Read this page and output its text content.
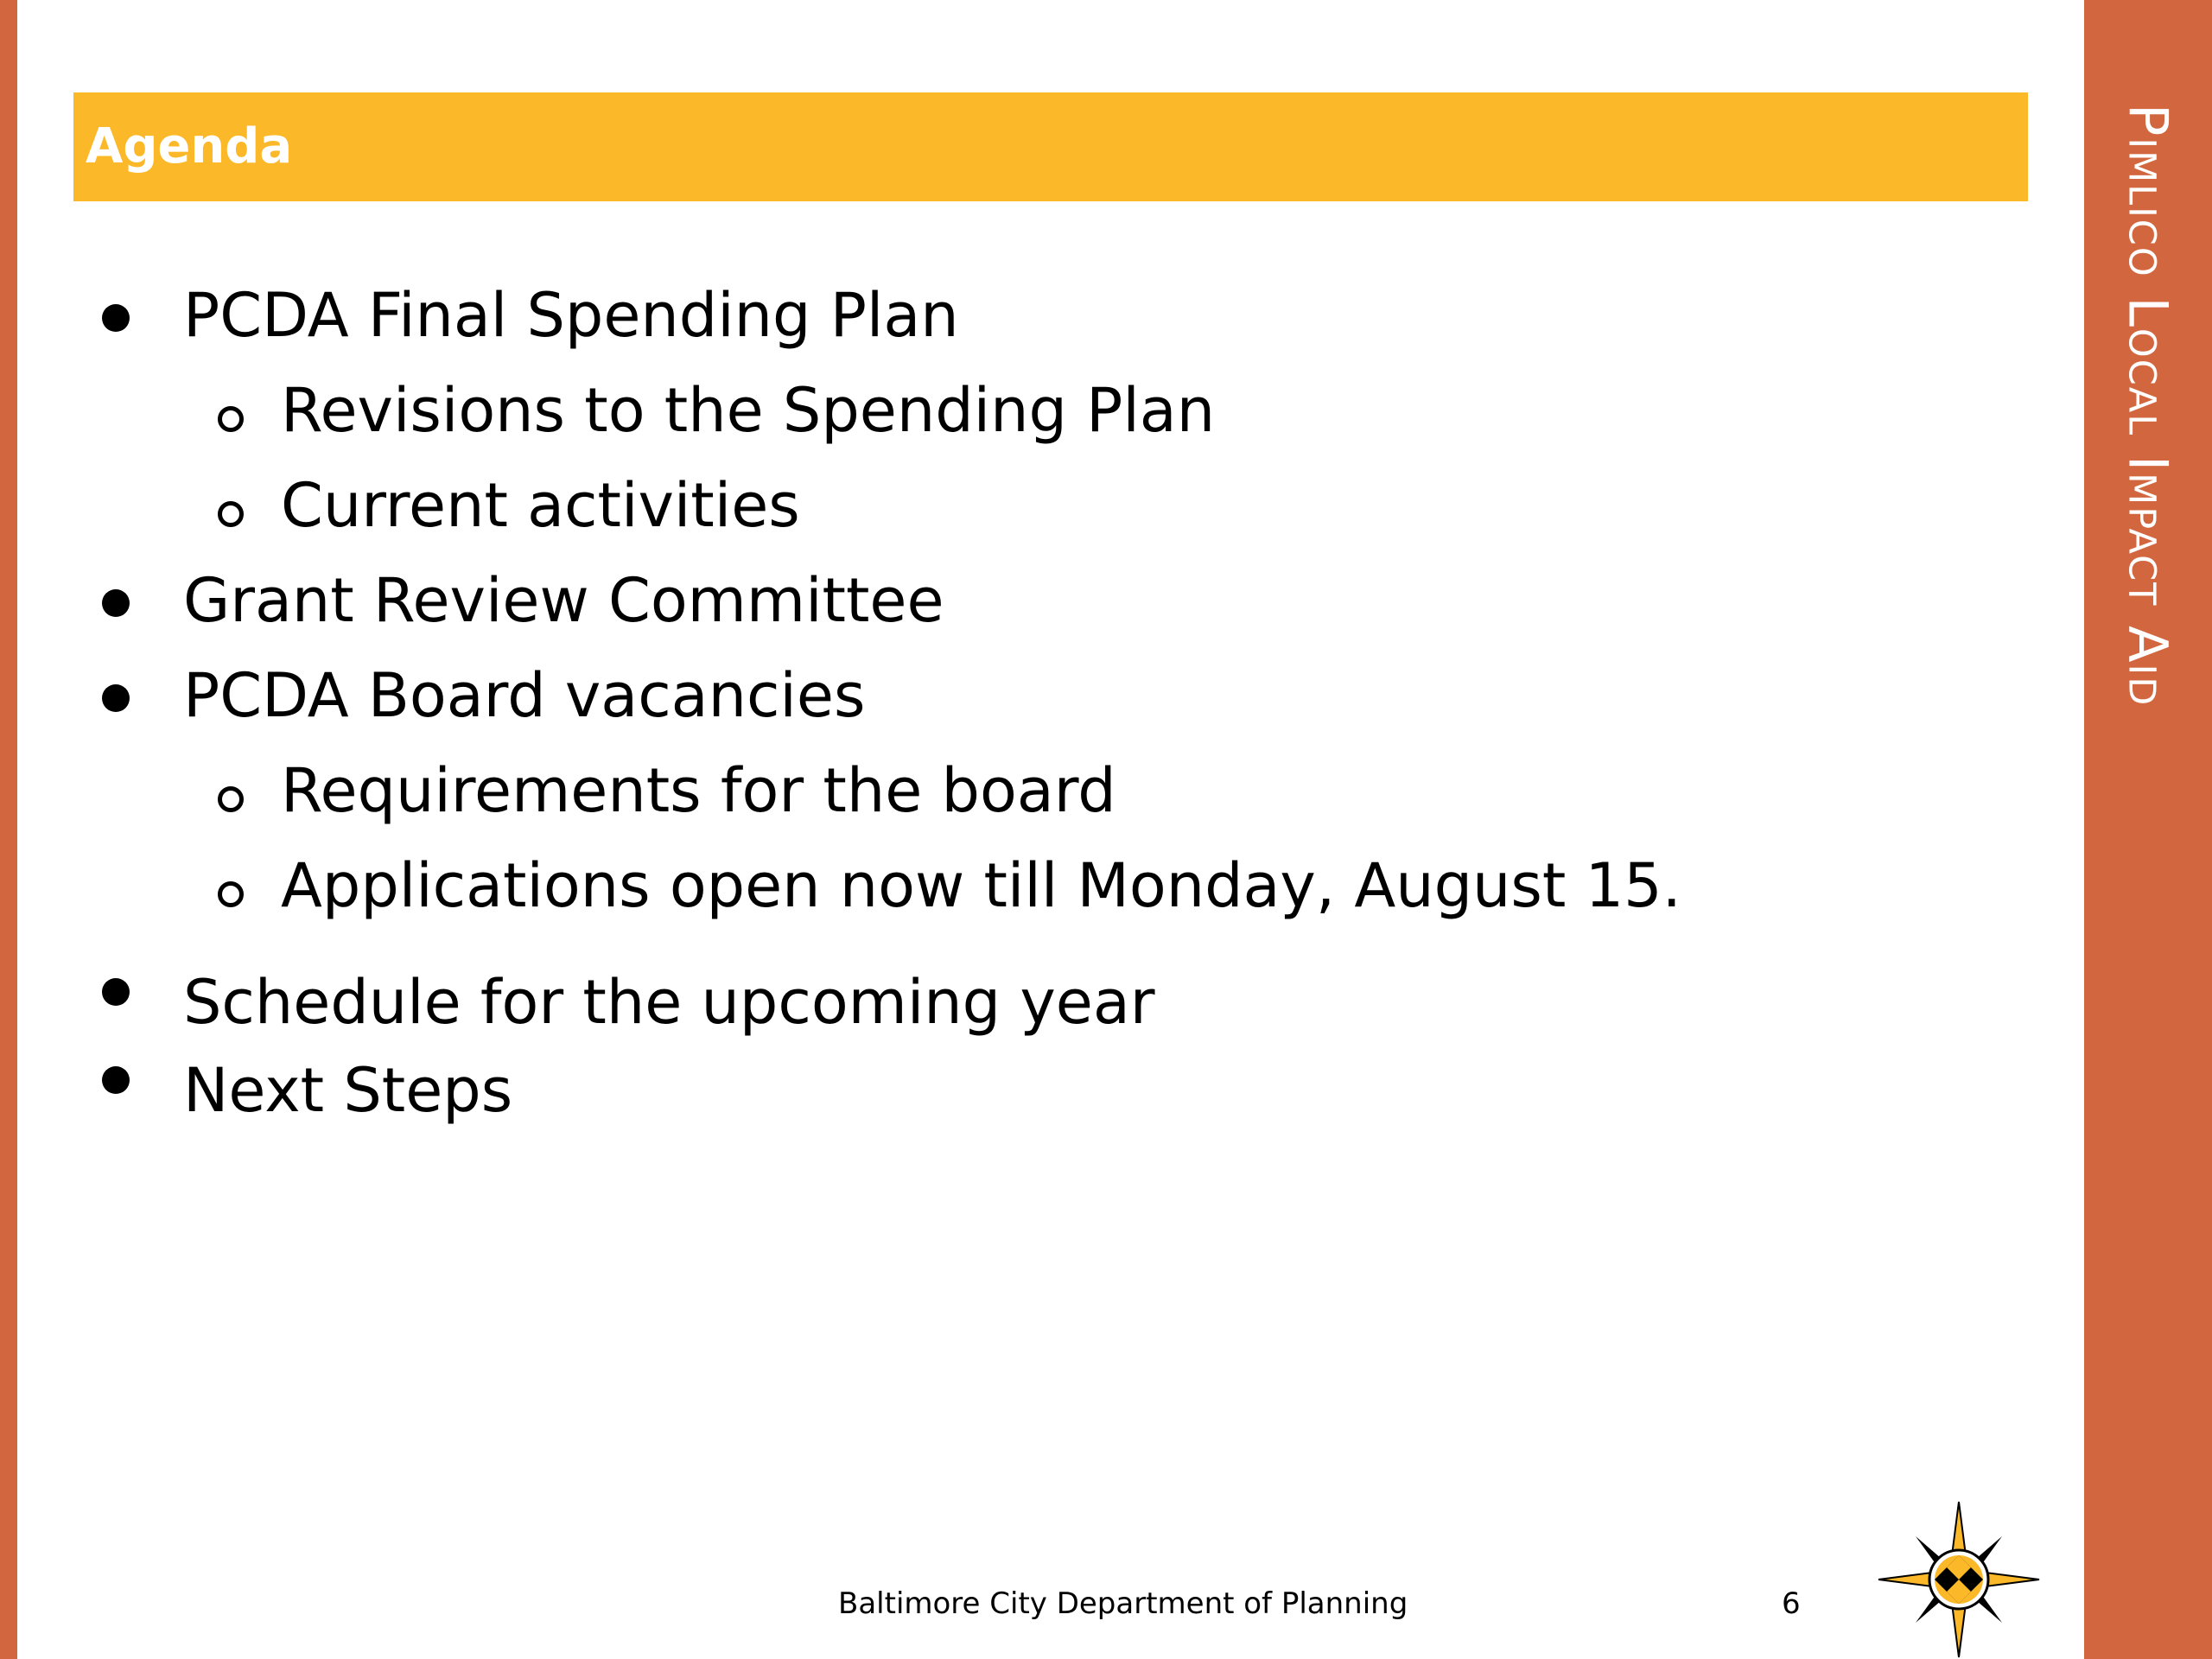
Pimlico Local Impact Aid
Agenda
PCDA Final Spending Plan
Revisions to the Spending Plan
Current activities
Grant Review Committee
PCDA Board vacancies
Requirements for the board
Applications open now till Monday, August 15.
Schedule for the upcoming year
Next Steps
Baltimore City Department of Planning	6
